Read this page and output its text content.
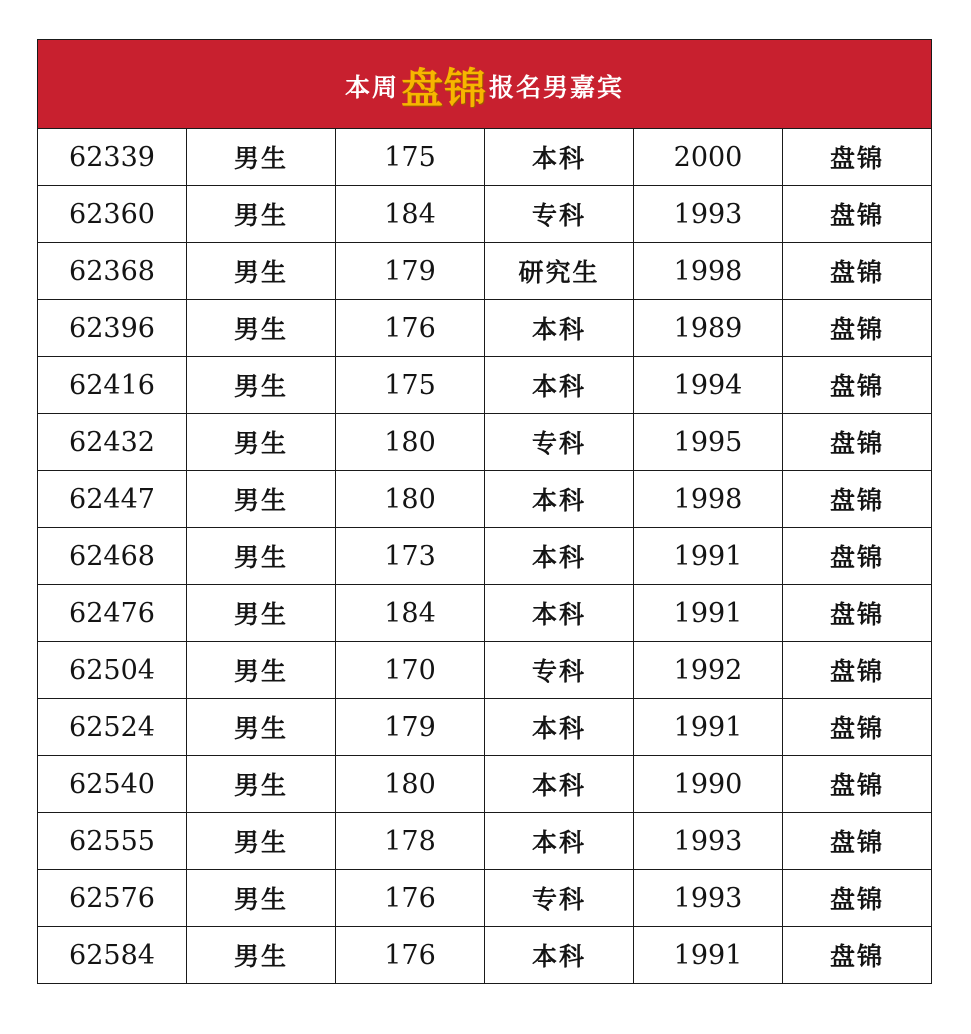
本周 盘锦 报名男嘉宾					

62339	男生	175	本科	2000	盘锦
62360	男生	184	专科	1993	盘锦
62368	男生	179	研究生	1998	盘锦
62396	男生	176	本科	1989	盘锦
62416	男生	175	本科	1994	盘锦
62432	男生	180	专科	1995	盘锦
62447	男生	180	本科	1998	盘锦
62468	男生	173	本科	1991	盘锦
62476	男生	184	本科	1991	盘锦
62504	男生	170	专科	1992	盘锦
62524	男生	179	本科	1991	盘锦
62540	男生	180	本科	1990	盘锦
62555	男生	178	本科	1993	盘锦
62576	男生	176	专科	1993	盘锦
62584	男生	176	本科	1991	盘锦
